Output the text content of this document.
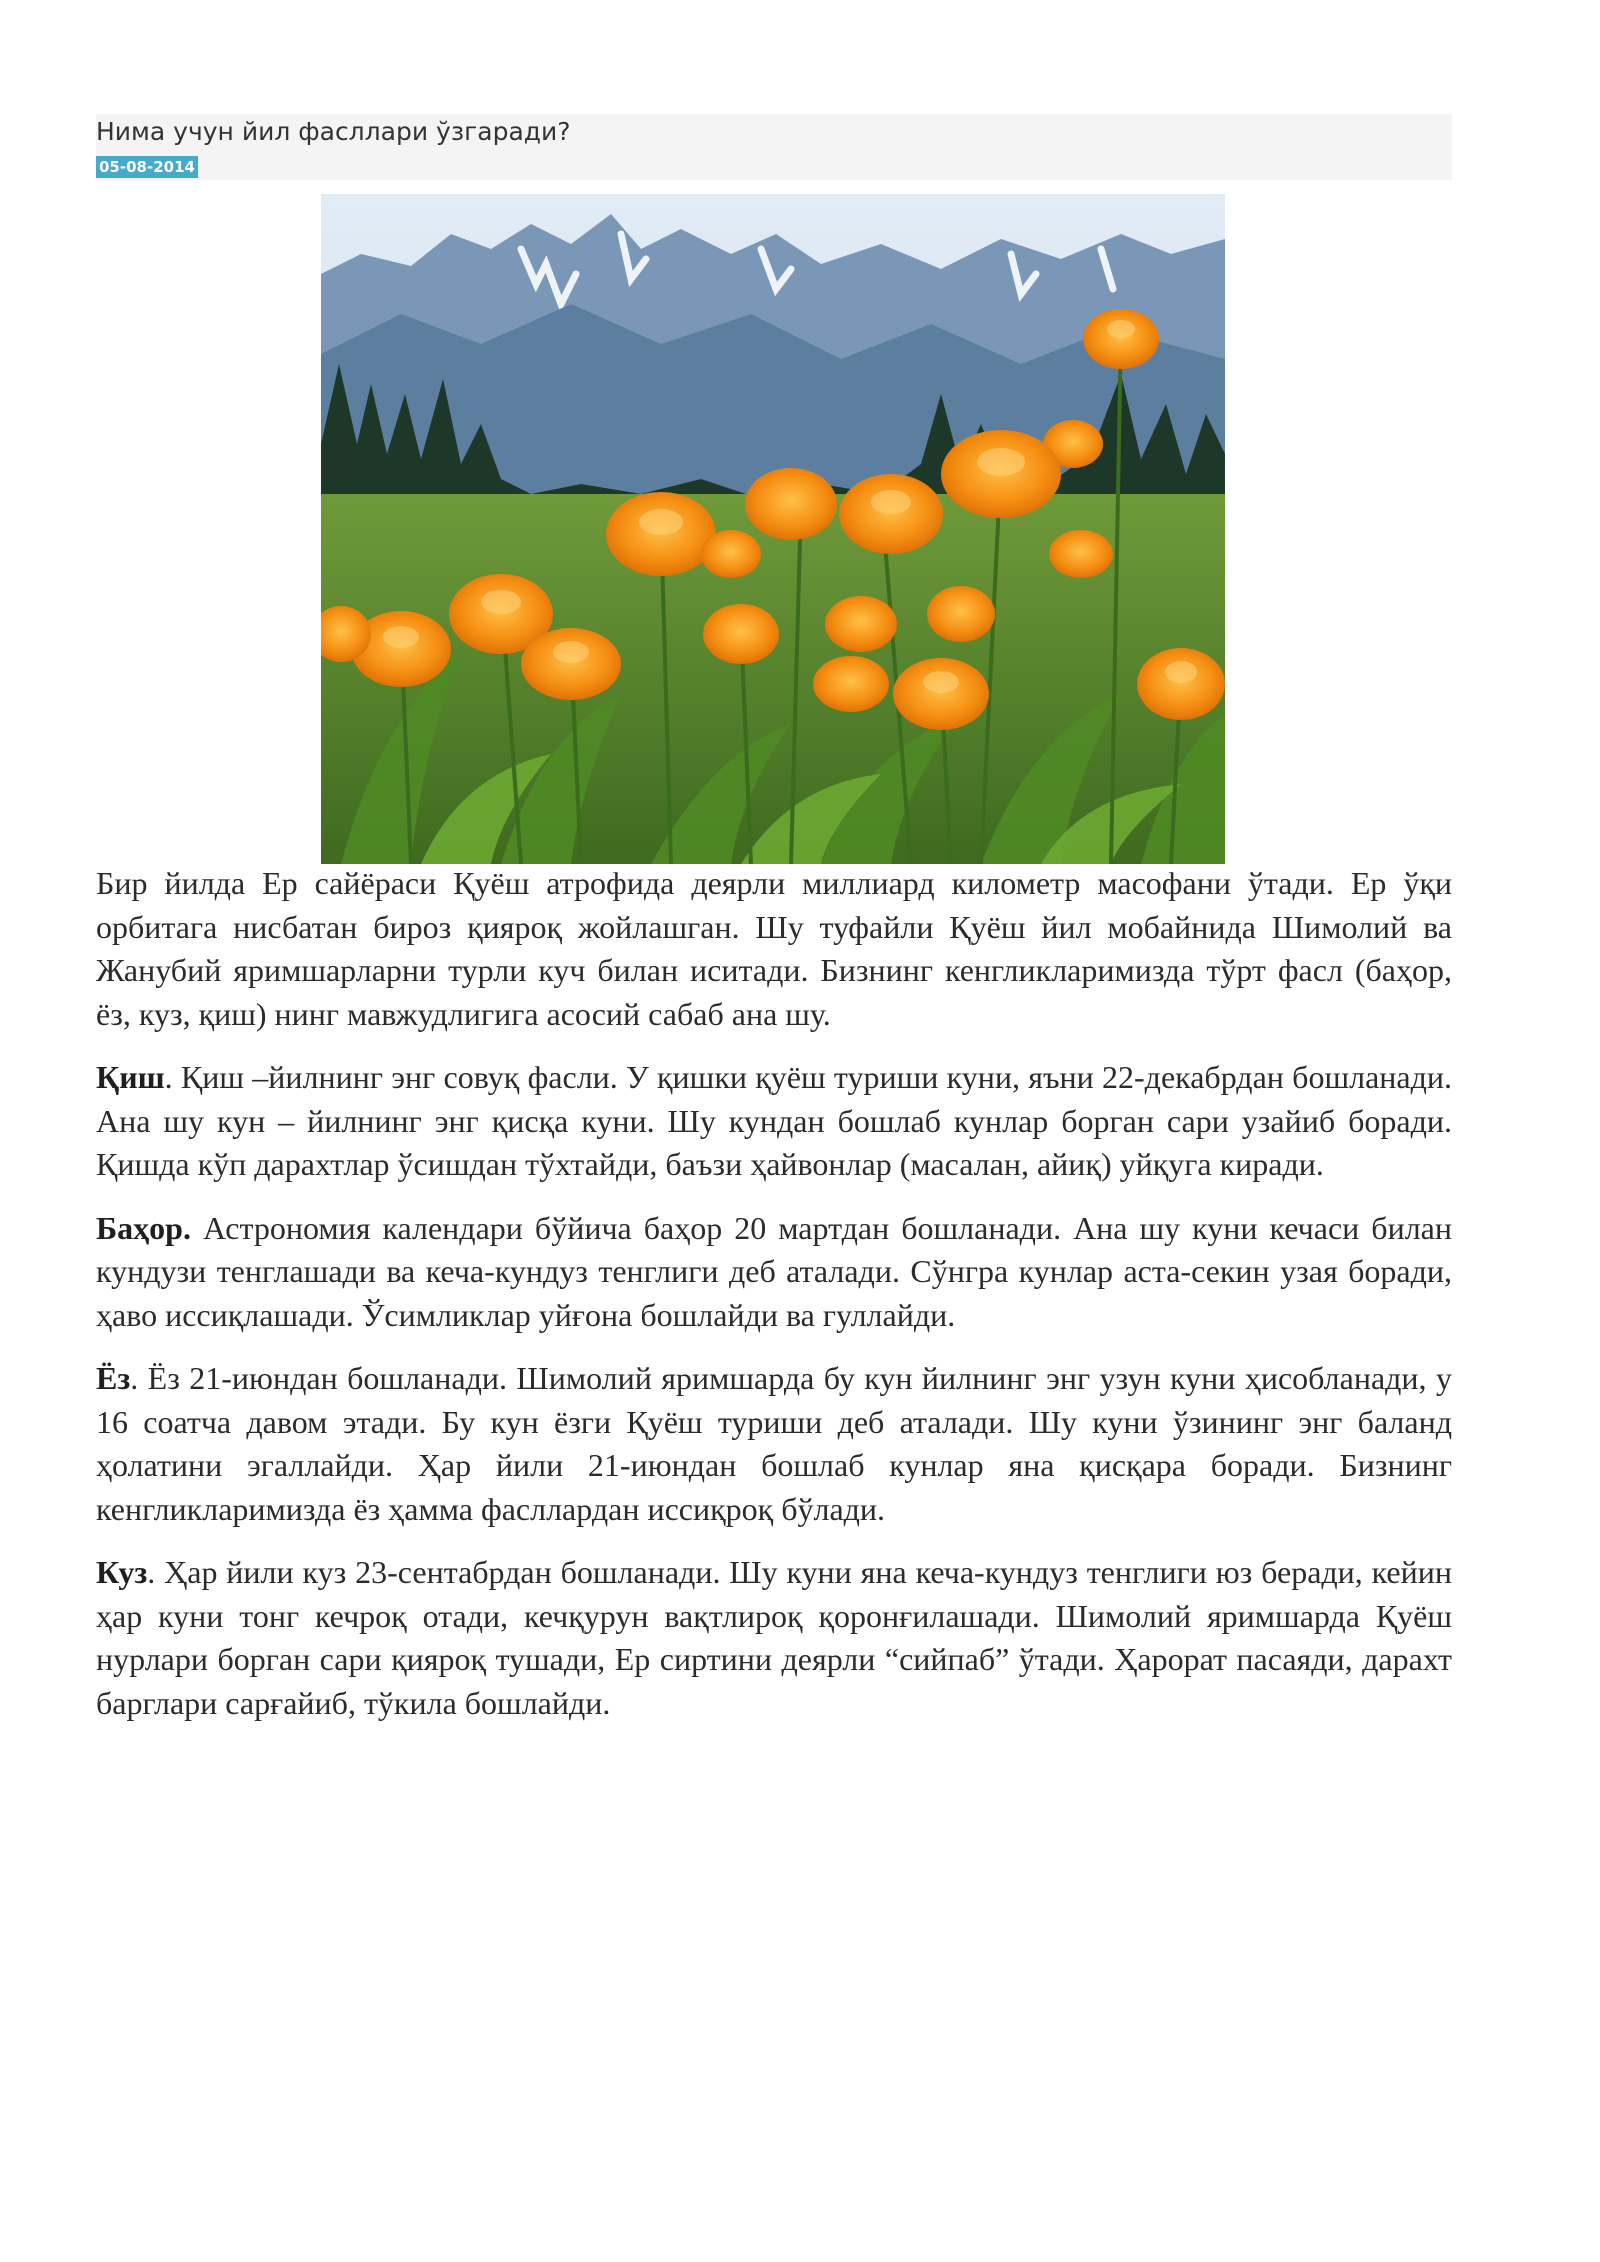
Нима учун йил фасллари ўзгаради?
05-08-2014

Бир йилда Ер сайёраси Қуёш атрофида деярли миллиард километр масофани ўтади. Ер ўқи орбитага нисбатан бироз қияроқ жойлашган. Шу туфайли Қуёш йил мобайнида Шимолий ва Жанубий яримшарларни турли куч билан иситади. Бизнинг кенгликларимизда тўрт фасл (баҳор, ёз, куз, қиш) нинг мавжудлигига асосий сабаб ана шу.

Қиш. Қиш –йилнинг энг совуқ фасли. У қишки қуёш туриши куни, яъни 22-декабрдан бошланади. Ана шу кун – йилнинг энг қисқа куни. Шу кундан бошлаб кунлар борган сари узайиб боради. Қишда кўп дарахтлар ўсишдан тўхтайди, баъзи ҳайвонлар (масалан, айиқ) уйқуга киради.

Баҳор. Астрономия календари бўйича баҳор 20 мартдан бошланади. Ана шу куни кечаси билан кундузи тенглашади ва кеча-кундуз тенглиги деб аталади. Сўнгра кунлар аста-секин узая боради, ҳаво иссиқлашади. Ўсимликлар уйғона бошлайди ва гуллайди.

Ёз. Ёз 21-июндан бошланади. Шимолий яримшарда бу кун йилнинг энг узун куни ҳисобланади, у 16 соатча давом этади. Бу кун ёзги Қуёш туриши деб аталади. Шу куни ўзининг энг баланд ҳолатини эгаллайди. Ҳар йили 21-июндан бошлаб кунлар яна қисқара боради. Бизнинг кенгликларимизда ёз ҳамма фасллардан иссиқроқ бўлади.

Куз. Ҳар йили куз 23-сентабрдан бошланади. Шу куни яна кеча-кундуз тенглиги юз беради, кейин ҳар куни тонг кечроқ отади, кечқурун вақтлироқ қоронғилашади. Шимолий яримшарда Қуёш нурлари борган сари қияроқ тушади, Ер сиртини деярли “сийпаб” ўтади. Ҳарорат пасаяди, дарахт барглари сарғайиб, тўкила бошлайди.
